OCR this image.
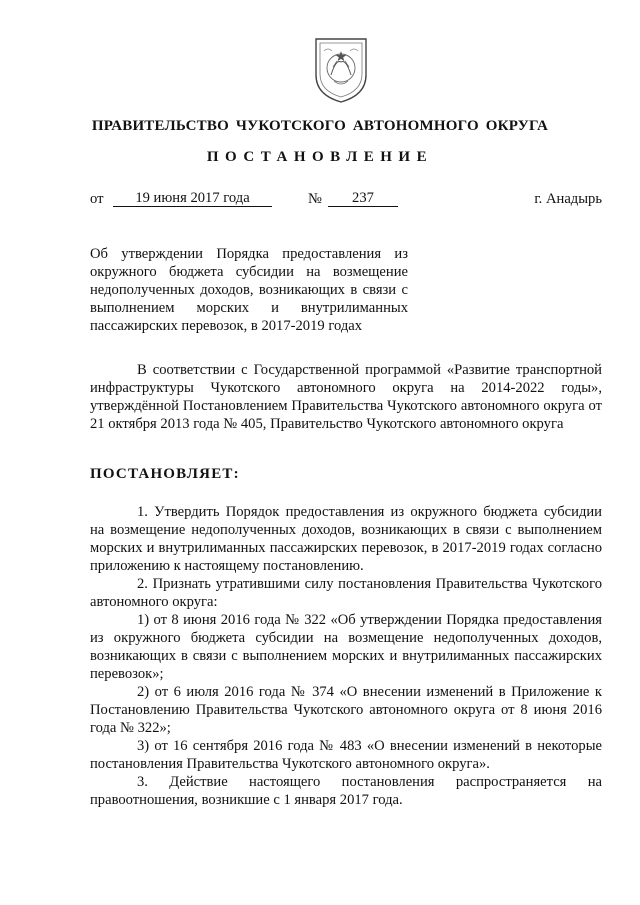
ПРАВИТЕЛЬСТВО ЧУКОТСКОГО АВТОНОМНОГО ОКРУГА
ПОСТАНОВЛЕНИЕ
от	19 июня 2017 года	№	237	г. Анадырь
Об утверждении Порядка предоставления из окружного бюджета субсидии на возмещение недополученных доходов, возникающих в связи с выполнением морских и внутрилиманных пассажирских перевозок, в 2017-2019 годах
В соответствии с Государственной программой «Развитие транспортной инфраструктуры Чукотского автономного округа на 2014-2022 годы», утверждённой Постановлением Правительства Чукотского автономного округа от 21 октября 2013 года № 405, Правительство Чукотского автономного округа
ПОСТАНОВЛЯЕТ:

1. Утвердить Порядок предоставления из окружного бюджета субсидии на возмещение недополученных доходов, возникающих в связи с выполнением морских и внутрилиманных пассажирских перевозок, в 2017-2019 годах согласно приложению к настоящему постановлению.

2. Признать утратившими силу постановления Правительства Чукотского автономного округа:

1) от 8 июня 2016 года № 322 «Об утверждении Порядка предоставления из окружного бюджета субсидии на возмещение недополученных доходов, возникающих в связи с выполнением морских и внутрилиманных пассажирских перевозок»;

2) от 6 июля 2016 года № 374 «О внесении изменений в Приложение к Постановлению Правительства Чукотского автономного округа от 8 июня 2016 года № 322»;

3) от 16 сентября 2016 года № 483 «О внесении изменений в некоторые постановления Правительства Чукотского автономного округа».

3. Действие настоящего постановления распространяется на правоотношения, возникшие с 1 января 2017 года.
